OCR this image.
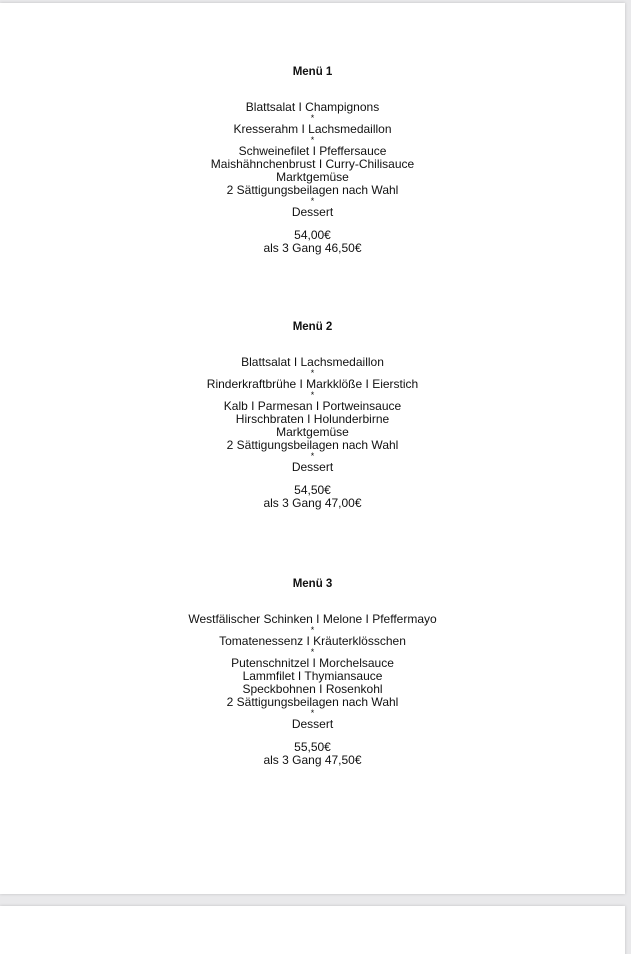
Menü 1
Blattsalat I Champignons
*
Kresserahm I Lachsmedaillon
*
Schweinefilet I Pfeffersauce
Maishähnchenbrust I Curry-Chilisauce
Marktgemüse
2 Sättigungsbeilagen nach Wahl
*
Dessert
54,00€
als 3 Gang 46,50€
Menü 2
Blattsalat I Lachsmedaillon
*
Rinderkraftbrühe I Markklöße I Eierstich
*
Kalb I Parmesan I Portweinsauce
Hirschbraten I Holunderbirne
Marktgemüse
2 Sättigungsbeilagen nach Wahl
*
Dessert
54,50€
als 3 Gang 47,00€
Menü 3
Westfälischer Schinken I Melone I Pfeffermayo
*
Tomatenessenz I Kräuterklösschen
*
Putenschnitzel I Morchelsauce
Lammfilet I Thymiansauce
Speckbohnen I Rosenkohl
2 Sättigungsbeilagen nach Wahl
*
Dessert
55,50€
als 3 Gang 47,50€
